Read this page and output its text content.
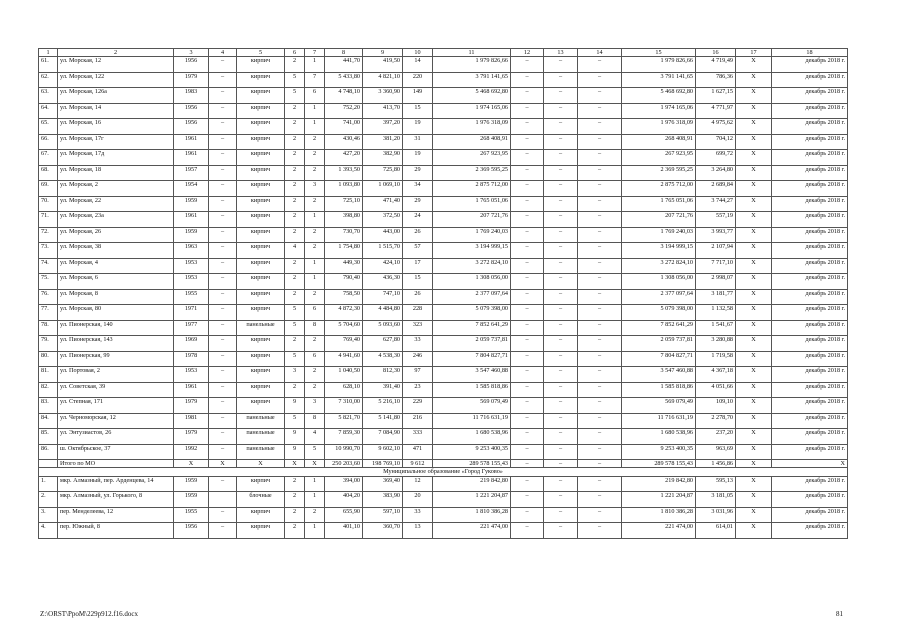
1	2	3	4	5	6	7	8	9	10	11	12	13	14	15	16	17	18
61.	ул. Морская, 12	1956	–	кирпич	2	1	441,70	419,50	14	1 979 826,66	–	–	–	1 979 826,66	4 719,49	X	декабрь 2018 г.
62.	ул. Морская, 122	1979	–	кирпич	5	7	5 433,80	4 821,10	220	3 791 141,65	–	–	–	3 791 141,65	786,36	X	декабрь 2018 г.
63.	ул. Морская, 126а	1983	–	кирпич	5	6	4 748,10	3 360,90	149	5 468 692,80	–	–	–	5 468 692,80	1 627,15	X	декабрь 2018 г.
64.	ул. Морская, 14	1956	–	кирпич	2	1	752,20	413,70	15	1 974 165,06	–	–	–	1 974 165,06	4 771,97	X	декабрь 2018 г.
65.	ул. Морская, 16	1956	–	кирпич	2	1	741,00	397,20	19	1 976 318,09	–	–	–	1 976 318,09	4 975,62	X	декабрь 2018 г.
66.	ул. Морская, 17г	1961	–	кирпич	2	2	430,46	381,20	31	268 408,91	–	–	–	268 408,91	704,12	X	декабрь 2018 г.
67.	ул. Морская, 17д	1961	–	кирпич	2	2	427,20	382,90	19	267 923,95	–	–	–	267 923,95	699,72	X	декабрь 2018 г.
68.	ул. Морская, 18	1957	–	кирпич	2	2	1 393,50	725,80	29	2 369 595,25	–	–	–	2 369 595,25	3 264,80	X	декабрь 2018 г.
69.	ул. Морская, 2	1954	–	кирпич	2	3	1 093,80	1 069,10	34	2 875 712,00	–	–	–	2 875 712,00	2 689,84	X	декабрь 2018 г.
70.	ул. Морская, 22	1959	–	кирпич	2	2	725,10	471,40	29	1 765 051,06	–	–	–	1 765 051,06	3 744,27	X	декабрь 2018 г.
71.	ул. Морская, 23а	1961	–	кирпич	2	1	398,80	372,50	24	207 721,76	–	–	–	207 721,76	557,19	X	декабрь 2018 г.
72.	ул. Морская, 26	1959	–	кирпич	2	2	730,70	443,00	26	1 769 240,03	–	–	–	1 769 240,03	3 993,77	X	декабрь 2018 г.
73.	ул. Морская, 38	1963	–	кирпич	4	2	1 754,80	1 515,70	57	3 194 999,15	–	–	–	3 194 999,15	2 107,94	X	декабрь 2018 г.
74.	ул. Морская, 4	1953	–	кирпич	2	1	449,30	424,10	17	3 272 824,10	–	–	–	3 272 824,10	7 717,10	X	декабрь 2018 г.
75.	ул. Морская, 6	1953	–	кирпич	2	1	790,40	436,30	15	1 308 056,00	–	–	–	1 308 056,00	2 998,07	X	декабрь 2018 г.
76.	ул. Морская, 8	1955	–	кирпич	2	2	758,50	747,10	26	2 377 097,64	–	–	–	2 377 097,64	3 181,77	X	декабрь 2018 г.
77.	ул. Морская, 80	1971	–	кирпич	5	6	4 872,30	4 484,80	228	5 079 398,00	–	–	–	5 079 398,00	1 132,58	X	декабрь 2018 г.
78.	ул. Пионерская, 140	1977	–	панельные	5	8	5 704,60	5 093,60	323	7 852 641,29	–	–	–	7 852 641,29	1 541,67	X	декабрь 2018 г.
79.	ул. Пионерская, 143	1969	–	кирпич	2	2	769,40	627,80	33	2 059 737,81	–	–	–	2 059 737,81	3 280,88	X	декабрь 2018 г.
80.	ул. Пионерская, 99	1978	–	кирпич	5	6	4 941,60	4 538,30	246	7 804 827,71	–	–	–	7 804 827,71	1 719,58	X	декабрь 2018 г.
81.	ул. Портовая, 2	1953	–	кирпич	3	2	1 040,50	812,30	97	3 547 460,88	–	–	–	3 547 460,88	4 367,18	X	декабрь 2018 г.
82.	ул. Советская, 39	1961	–	кирпич	2	2	628,10	391,40	23	1 585 818,86	–	–	–	1 585 818,86	4 051,66	X	декабрь 2018 г.
83.	ул. Степная, 171	1979	–	кирпич	9	3	7 310,00	5 216,10	229	569 079,49	–	–	–	569 079,49	109,10	X	декабрь 2018 г.
84.	ул. Черноморская, 12	1981	–	панельные	5	8	5 821,70	5 141,80	216	11 716 631,19	–	–	–	11 716 631,19	2 278,70	X	декабрь 2018 г.
85.	ул. Энтузиастов, 26	1979	–	панельные	9	4	7 859,30	7 084,90	333	1 680 538,96	–	–	–	1 680 538,96	237,20	X	декабрь 2018 г.
86.	ш. Октябрьское, 37	1992	–	панельные	9	5	10 990,70	9 602,10	471	9 253 400,35	–	–	–	9 253 400,35	963,69	X	декабрь 2018 г.
	Итого по МО	X	X	X	X	X	250 203,60	198 769,10	9 612	289 578 155,43	–	–	–	289 578 155,43	1 456,86	X	X
Муниципальное образование «Город Гуково»																	
1.	мкр. Алмазный, пер. Арденцева, 14	1959	–	кирпич	2	1	394,00	369,40	12	219 842,80	–	–	–	219 842,80	595,13	X	декабрь 2018 г.
2.	мкр. Алмазный, ул. Горького, 8	1959		блочные	2	1	404,20	383,90	20	1 221 204,87	–	–	–	1 221 204,87	3 181,05	X	декабрь 2018 г.
3.	пер. Менделеева, 12	1955	–	кирпич	2	2	655,90	597,10	33	1 810 386,28	–	–	–	1 810 386,28	3 031,96	X	декабрь 2018 г.
4.	пер. Южный, 8	1956	–	кирпич	2	1	401,10	360,70	13	221 474,00	–	–	–	221 474,00	614,01	X	декабрь 2018 г.
Z:\ORST\PpoM\229p912.f16.docx	81
